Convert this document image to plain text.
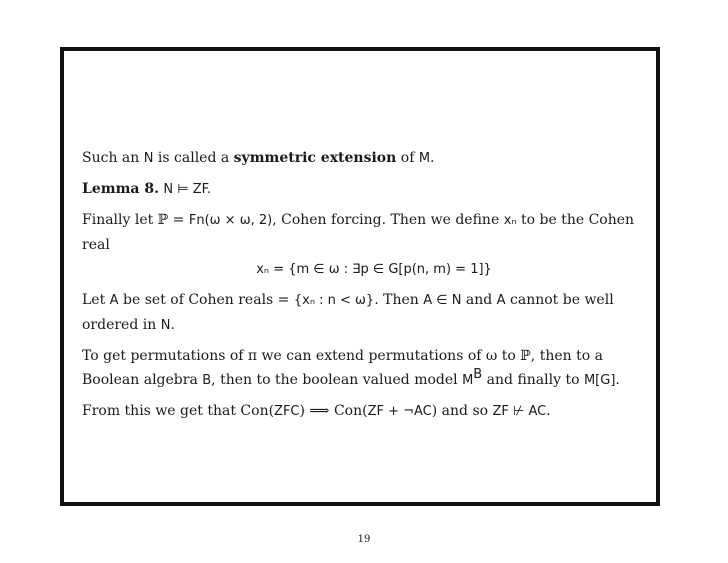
Such an N is called a symmetric extension of M.

Lemma 8. N ⊨ ZF.

Finally let ℙ = Fn(ω × ω, 2), Cohen forcing. Then we define xₙ to be the Cohen
real
xₙ = {m ∈ ω : ∃p ∈ G[p(n, m) = 1]}

Let A be set of Cohen reals = {xₙ : n < ω}. Then A ∈ N and A cannot be well
ordered in N.

To get permutations of π we can extend permutations of ω to ℙ, then to a
Boolean algebra B, then to the boolean valued model $M^B$ and finally to M[G].

From this we get that Con(ZFC) ⟹ Con(ZF + ¬AC) and so ZF ⊬ AC.

19
